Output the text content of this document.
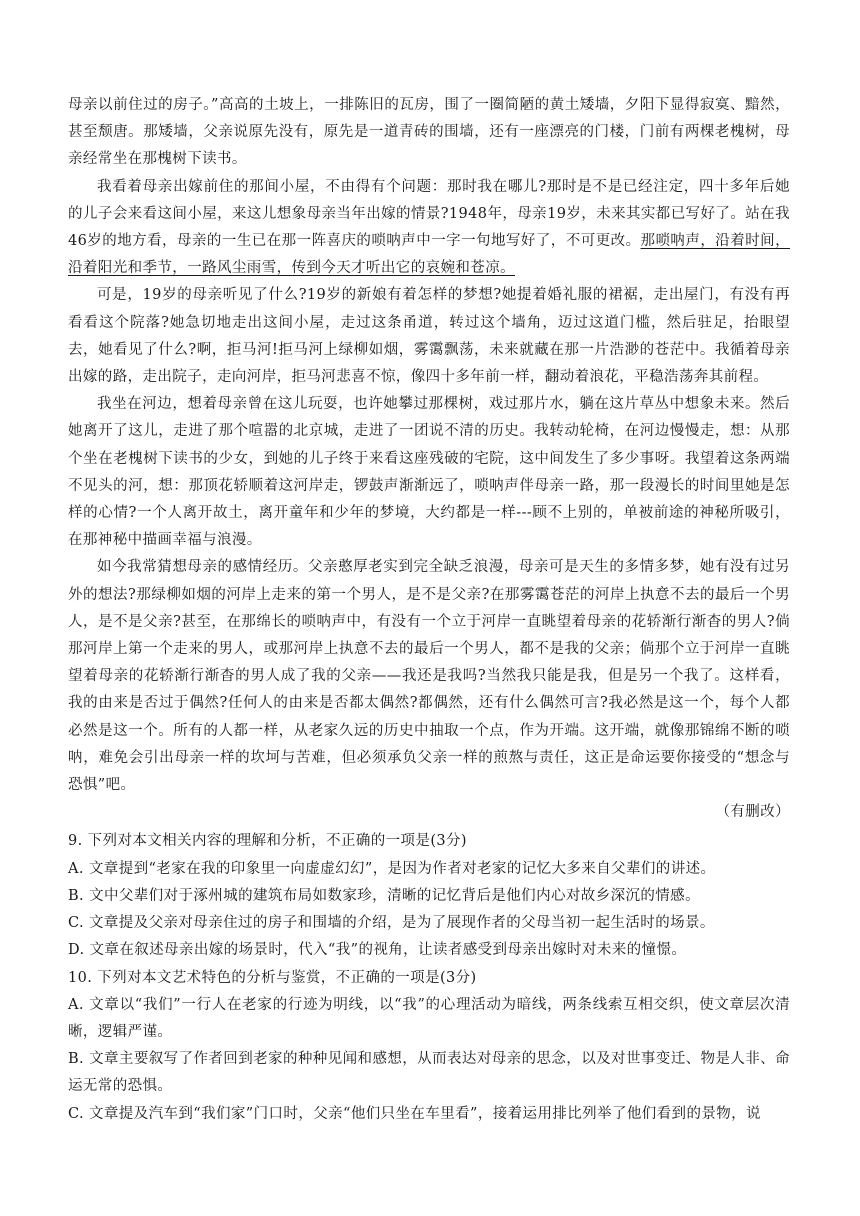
母亲以前住过的房子。”高高的土坡上，一排陈旧的瓦房，围了一圈简陋的黄土矮墙，夕阳下显得寂寞、黯然，甚至颓唐。那矮墙，父亲说原先没有，原先是一道青砖的围墙，还有一座漂亮的门楼，门前有两棵老槐树，母亲经常坐在那槐树下读书。

我看着母亲出嫁前住的那间小屋，不由得有个问题：那时我在哪儿?那时是不是已经注定，四十多年后她的儿子会来看这间小屋，来这儿想象母亲当年出嫁的情景?1948年，母亲19岁，未来其实都已写好了。站在我46岁的地方看，母亲的一生已在那一阵喜庆的唢呐声中一字一句地写好了，不可更改。那唢呐声，沿着时间，沿着阳光和季节，一路风尘雨雪，传到今天才听出它的哀婉和苍凉。

可是，19岁的母亲听见了什么?19岁的新娘有着怎样的梦想?她提着婚礼服的裙裾，走出屋门，有没有再看看这个院落?她急切地走出这间小屋，走过这条甬道，转过这个墙角，迈过这道门槛，然后驻足，抬眼望去，她看见了什么?啊，拒马河!拒马河上绿柳如烟，雾霭飘荡，未来就藏在那一片浩渺的苍茫中。我循着母亲出嫁的路，走出院子，走向河岸，拒马河悲喜不惊，像四十多年前一样，翻动着浪花，平稳浩荡奔其前程。

我坐在河边，想着母亲曾在这儿玩耍，也许她攀过那棵树，戏过那片水，躺在这片草丛中想象未来。然后她离开了这儿，走进了那个喧嚣的北京城，走进了一团说不清的历史。我转动轮椅，在河边慢慢走，想：从那个坐在老槐树下读书的少女，到她的儿子终于来看这座残破的宅院，这中间发生了多少事呀。我望着这条两端不见头的河，想：那顶花轿顺着这河岸走，锣鼓声渐渐远了，唢呐声伴母亲一路，那一段漫长的时间里她是怎样的心情?一个人离开故土，离开童年和少年的梦境，大约都是一样---顾不上别的，单被前途的神秘所吸引，在那神秘中描画幸福与浪漫。

如今我常猜想母亲的感情经历。父亲憨厚老实到完全缺乏浪漫，母亲可是天生的多情多梦，她有没有过另外的想法?那绿柳如烟的河岸上走来的第一个男人，是不是父亲?在那雾霭苍茫的河岸上执意不去的最后一个男人，是不是父亲?甚至，在那绵长的唢呐声中，有没有一个立于河岸一直眺望着母亲的花轿渐行渐杳的男人?倘那河岸上第一个走来的男人，或那河岸上执意不去的最后一个男人，都不是我的父亲；倘那个立于河岸一直眺望着母亲的花轿渐行渐杳的男人成了我的父亲——我还是我吗?当然我只能是我，但是另一个我了。这样看，我的由来是否过于偶然?任何人的由来是否都太偶然?都偶然，还有什么偶然可言?我必然是这一个，每个人都必然是这一个。所有的人都一样，从老家久远的历史中抽取一个点，作为开端。这开端，就像那锦绵不断的唢呐，难免会引出母亲一样的坎坷与苦难，但必须承负父亲一样的煎熬与责任，这正是命运要你接受的“想念与恐惧”吧。

（有删改）

9. 下列对本文相关内容的理解和分析，不正确的一项是(3分)

A. 文章提到“老家在我的印象里一向虚虚幻幻”，是因为作者对老家的记忆大多来自父辈们的讲述。

B. 文中父辈们对于涿州城的建筑布局如数家珍，清晰的记忆背后是他们内心对故乡深沉的情感。

C. 文章提及父亲对母亲住过的房子和围墙的介绍，是为了展现作者的父母当初一起生活时的场景。

D. 文章在叙述母亲出嫁的场景时，代入“我”的视角，让读者感受到母亲出嫁时对未来的憧憬。

10. 下列对本文艺术特色的分析与鉴赏，不正确的一项是(3分)

A. 文章以“我们”一行人在老家的行迹为明线，以“我”的心理活动为暗线，两条线索互相交织，使文章层次清晰，逻辑严谨。

B. 文章主要叙写了作者回到老家的种种见闻和感想，从而表达对母亲的思念，以及对世事变迁、物是人非、命运无常的恐惧。

C. 文章提及汽车到“我们家”门口时，父亲“他们只坐在车里看”，接着运用排比列举了他们看到的景物，说
